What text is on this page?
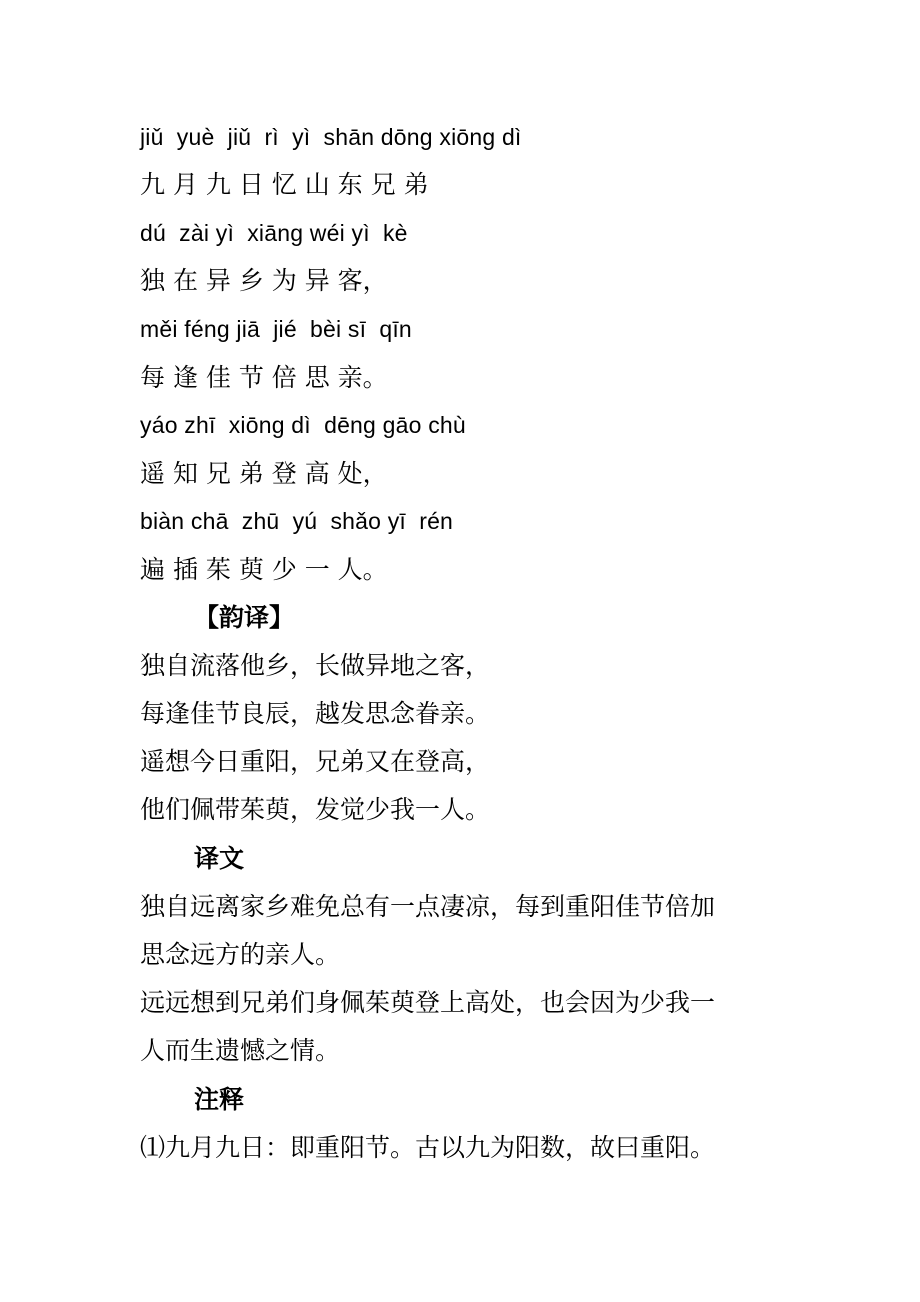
jiǔ  yuè  jiǔ  rì  yì  shān dōng xiōng dì
九 月 九 日 忆 山 东 兄 弟
dú  zài yì  xiāng wéi yì  kè
独 在 异 乡 为 异 客，
měi féng jiā  jié  bèi sī  qīn
每 逢 佳 节 倍 思 亲。
yáo zhī  xiōng dì  dēng gāo chù
遥 知 兄 弟 登 高 处，
biàn chā  zhū  yú  shǎo yī  rén
遍 插 茱 萸 少 一 人。
【韵译】
独自流落他乡，长做异地之客，
每逢佳节良辰，越发思念眷亲。
遥想今日重阳，兄弟又在登高，
他们佩带茱萸，发觉少我一人。
译文
独自远离家乡难免总有一点凄凉，每到重阳佳节倍加
思念远方的亲人。
远远想到兄弟们身佩茱萸登上高处，也会因为少我一
人而生遗憾之情。
注释
⑴九月九日：即重阳节。古以九为阳数，故曰重阳。
